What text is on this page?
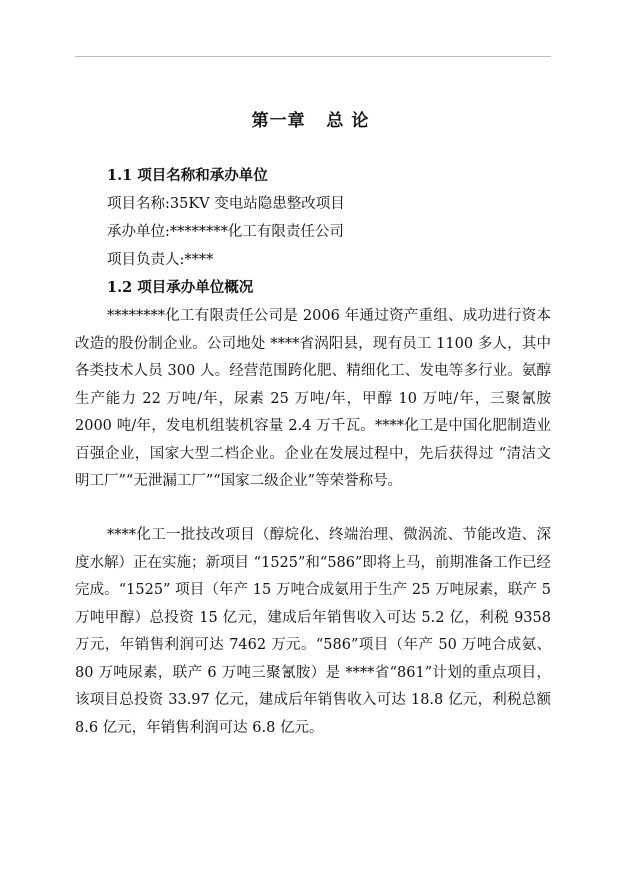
第一章   总 论
1.1 项目名称和承办单位
项目名称:35KV 变电站隐患整改项目
承办单位:********化工有限责任公司
项目负责人:****
1.2 项目承办单位概况
********化工有限责任公司是 2006 年通过资产重组、成功进行资本改造的股份制企业。公司地处 ****省涡阳县，现有员工 1100 多人，其中各类技术人员 300 人。经营范围跨化肥、精细化工、发电等多行业。氨醇生产能力 22 万吨/年，尿素 25 万吨/年，甲醇 10 万吨/年，三聚氰胺 2000 吨/年，发电机组装机容量 2.4 万千瓦。****化工是中国化肥制造业百强企业，国家大型二档企业。企业在发展过程中，先后获得过 “清洁文明工厂”“无泄漏工厂”“国家二级企业”等荣誉称号。
****化工一批技改项目（醇烷化、终端治理、微涡流、节能改造、深度水解）正在实施；新项目 “1525”和“586”即将上马，前期准备工作已经完成。“1525” 项目（年产 15 万吨合成氨用于生产 25 万吨尿素，联产 5 万吨甲醇）总投资 15 亿元，建成后年销售收入可达 5.2 亿，利税 9358 万元，年销售利润可达 7462 万元。“586”项目（年产 50 万吨合成氨、80 万吨尿素，联产 6 万吨三聚氰胺）是 ****省“861”计划的重点项目，该项目总投资 33.97 亿元，建成后年销售收入可达 18.8 亿元，利税总额 8.6 亿元，年销售利润可达 6.8 亿元。
